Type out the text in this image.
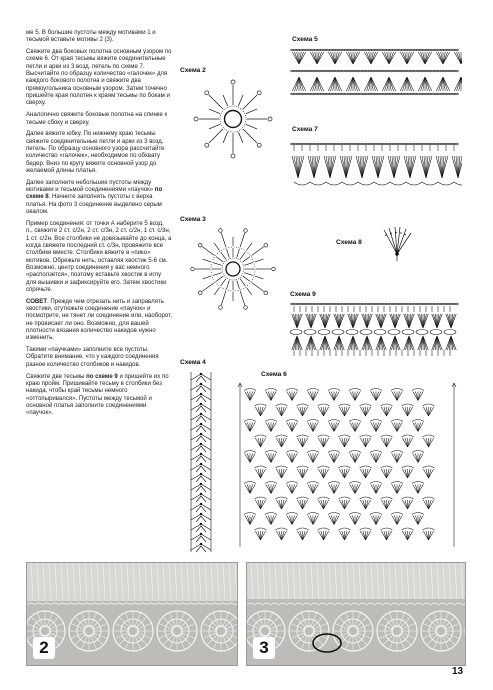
ме 5. В большие пустоты между мотивами 1 и тесьмой вставьте мотивы 2 (3).

Свяжите два боковых полотна основным узором по схеме 6. От края тесьмы вяжите соединительные петли и арки из 3 возд. петель по схеме 7. Высчитайте по образцу количество «галочек» для каждого бокового полотна и свяжите два прямоугольника основным узором. Затем точечно пришейте края полотен к краям тесьмы по бокам и сверху.

Аналогично свяжите боковые полотна на спинке к тесьме сбоку и сверху.

Далее вяжите юбку. По нижнему краю тесьмы свяжите соединительные петли и арки из 3 возд. петель. По образцу основного узора рассчитайте количество «галочек», необходимое по обхвату бедер. Вниз по кругу вяжите основной узор до желаемой длины платья.

Далее заполните небольшие пустоты между мотивами и тесьмой соединениями «паучок» по схеме 8. Начните заполнять пустоты с верха платья. На фото 3 соединение выделено серым овалом.

Пример соединения: от точки А наберите 5 возд. п., свяжите 2 ст. с/2н, 2 ст. с/3н, 2 ст. с/2н, 1 ст. с/3н, 1 ст. с/2н. Все столбики не довязывайте до конца, а когда свяжете последний ст. с/3н, провяжите все столбики вместе. Столбики вяжите в «пико» мотивов. Обрежьте нить, оставляя хвостик 5-6 см. Возможно, центр соединения у вас немного «расползется», поэтому вставьте хвостик в иглу для вышивки и зафиксируйте его. Затем хвостики спрячьте.

СОВЕТ. Прежде чем отрезать нить и заправлять хвостики, отутюжьте соединение «паучок» и посмотрите, не тянет ли соединение или, наоборот, не провисает ли оно. Возможно, для вашей плотности вязания количество накидов нужно изменить.

Такими «паучками» заполните все пустоты. Обратите внимание, что у каждого соединения разное количество столбиков и накидов.

Свяжите две тесьмы по схеме 9 и пришейте их по краю пройм. Пришивайте тесьму в столбики без накида, чтобы край тесьмы немного «оттопыривался». Пустоты между тесьмой и основной платья заполните соединениями «паучок».

Схема 2
Схема 3
Схема 4
Схема 5
Схема 7
Схема 8
Схема 9
Схема 6
2	3
13
